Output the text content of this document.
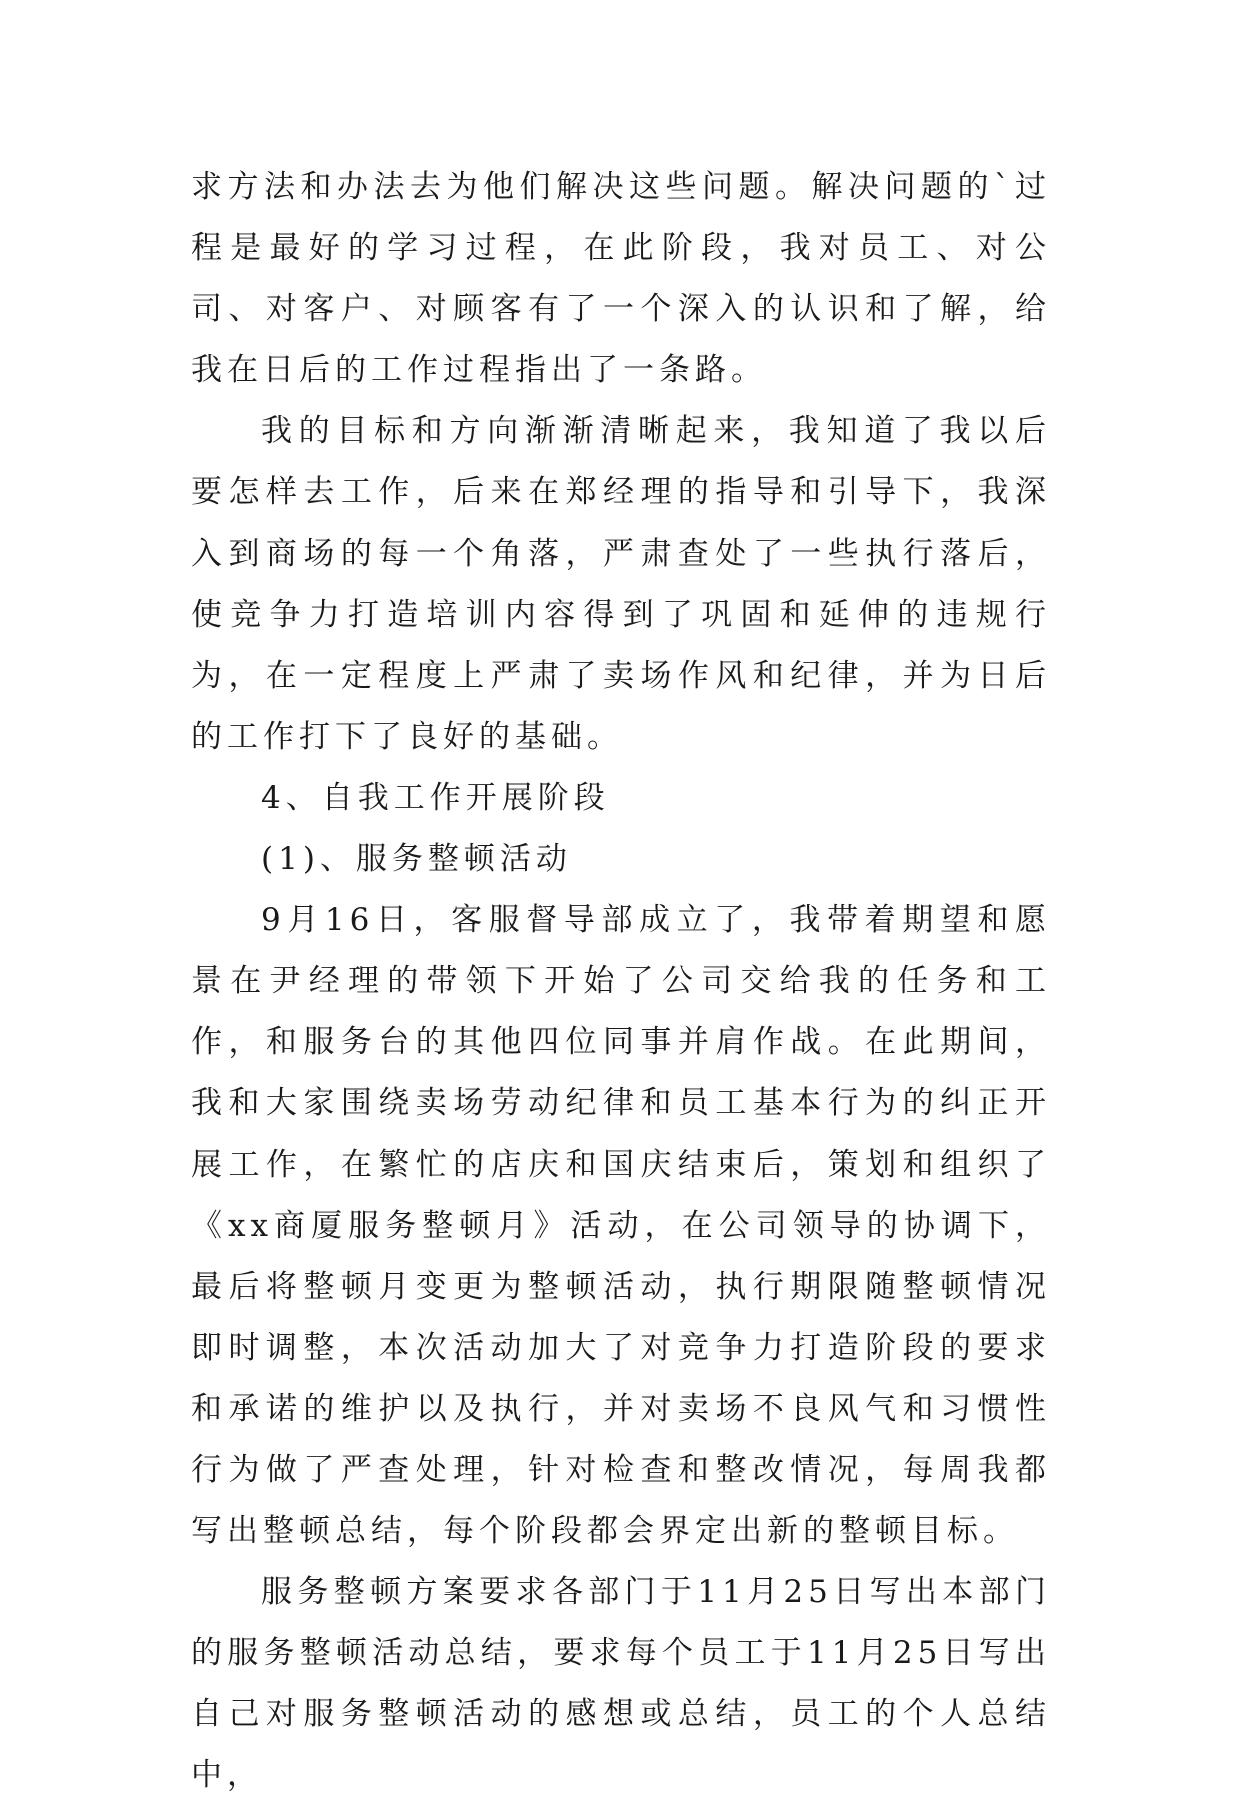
求方法和办法去为他们解决这些问题。解决问题的`过程是最好的学习过程，在此阶段，我对员工、对公司、对客户、对顾客有了一个深入的认识和了解，给我在日后的工作过程指出了一条路。

我的目标和方向渐渐清晰起来，我知道了我以后要怎样去工作，后来在郑经理的指导和引导下，我深入到商场的每一个角落，严肃查处了一些执行落后，使竞争力打造培训内容得到了巩固和延伸的违规行为，在一定程度上严肃了卖场作风和纪律，并为日后的工作打下了良好的基础。

4、自我工作开展阶段

(1)、服务整顿活动

9月16日，客服督导部成立了，我带着期望和愿景在尹经理的带领下开始了公司交给我的任务和工作，和服务台的其他四位同事并肩作战。在此期间，我和大家围绕卖场劳动纪律和员工基本行为的纠正开展工作，在繁忙的店庆和国庆结束后，策划和组织了《xx商厦服务整顿月》活动，在公司领导的协调下，最后将整顿月变更为整顿活动，执行期限随整顿情况即时调整，本次活动加大了对竞争力打造阶段的要求和承诺的维护以及执行，并对卖场不良风气和习惯性行为做了严查处理，针对检查和整改情况，每周我都写出整顿总结，每个阶段都会界定出新的整顿目标。

服务整顿方案要求各部门于11月25日写出本部门的服务整顿活动总结，要求每个员工于11月25日写出自己对服务整顿活动的感想或总结，员工的个人总结中，
